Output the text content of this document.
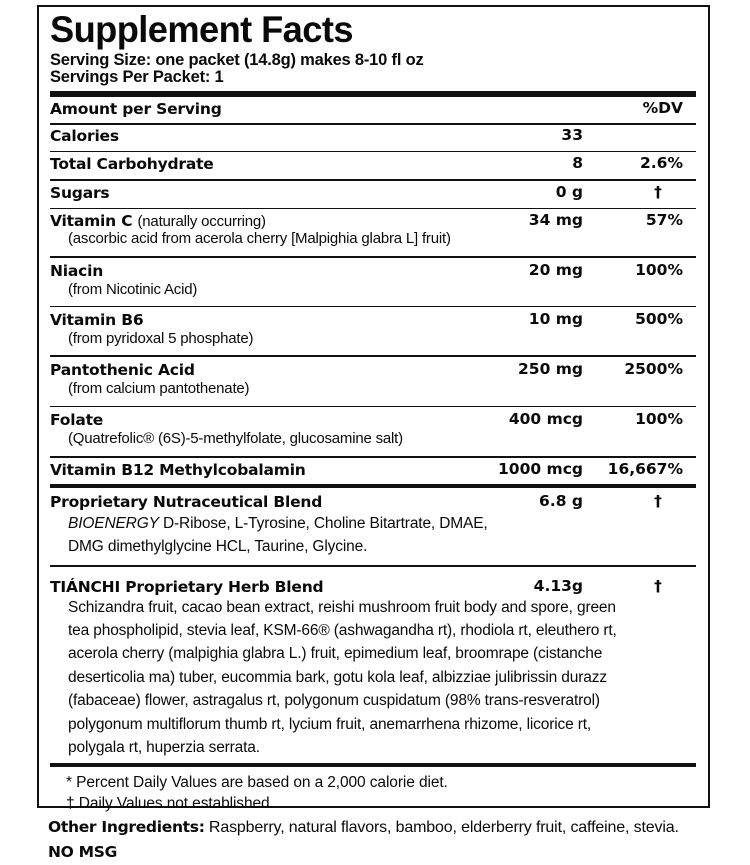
Supplement Facts
Serving Size: one packet (14.8g) makes 8-10 fl oz
Servings Per Packet: 1
Amount per Serving	%DV
Calories	33
Total Carbohydrate	8	2.6%
Sugars	0 g	†
Vitamin C (naturally occurring)	34 mg	57%
(ascorbic acid from acerola cherry [Malpighia glabra L] fruit)
Niacin	20 mg	100%
(from Nicotinic Acid)
Vitamin B6	10 mg	500%
(from pyridoxal 5 phosphate)
Pantothenic Acid	250 mg	2500%
(from calcium pantothenate)
Folate	400 mcg	100%
(Quatrefolic® (6S)-5-methylfolate, glucosamine salt)
Vitamin B12 Methylcobalamin	1000 mcg 16,667%
Proprietary Nutraceutical Blend	6.8 g	†
BIOENERGY D-Ribose, L-Tyrosine, Choline Bitartrate, DMAE,
DMG dimethylglycine HCL, Taurine, Glycine.
TIÁNCHI Proprietary Herb Blend	4.13g	†
Schizandra fruit, cacao bean extract, reishi mushroom fruit body and spore, green
tea phospholipid, stevia leaf, KSM-66® (ashwagandha rt), rhodiola rt, eleuthero rt,
acerola cherry (malpighia glabra L.) fruit, epimedium leaf, broomrape (cistanche
deserticolia ma) tuber, eucommia bark, gotu kola leaf, albizziae julibrissin durazz
(fabaceae) flower, astragalus rt, polygonum cuspidatum (98% trans-resveratrol)
polygonum multiflorum thumb rt, lycium fruit, anemarrhena rhizome, licorice rt,
polygala rt, huperzia serrata.
* Percent Daily Values are based on a 2,000 calorie diet.
† Daily Values not established.
Other Ingredients: Raspberry, natural flavors, bamboo, elderberry fruit, caffeine, stevia. NO MSG
